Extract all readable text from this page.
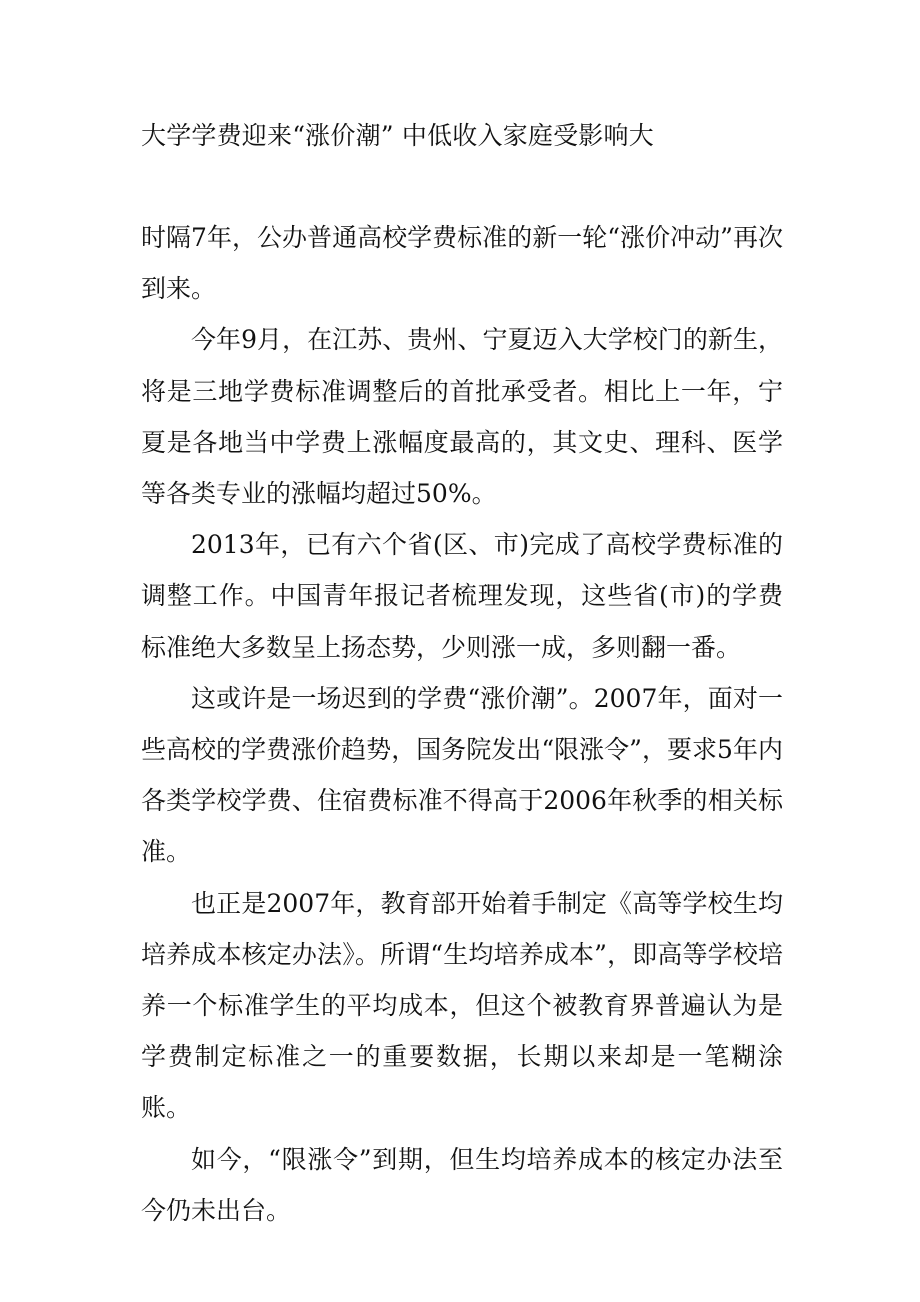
大学学费迎来“涨价潮” 中低收入家庭受影响大

时隔7年，公办普通高校学费标准的新一轮“涨价冲动”再次到来。

今年9月，在江苏、贵州、宁夏迈入大学校门的新生，将是三地学费标准调整后的首批承受者。相比上一年，宁夏是各地当中学费上涨幅度最高的，其文史、理科、医学等各类专业的涨幅均超过50%。

2013年，已有六个省(区、市)完成了高校学费标准的调整工作。中国青年报记者梳理发现，这些省(市)的学费标准绝大多数呈上扬态势，少则涨一成，多则翻一番。

这或许是一场迟到的学费“涨价潮”。2007年，面对一些高校的学费涨价趋势，国务院发出“限涨令”，要求5年内各类学校学费、住宿费标准不得高于2006年秋季的相关标准。

也正是2007年，教育部开始着手制定《高等学校生均培养成本核定办法》。所谓“生均培养成本”，即高等学校培养一个标准学生的平均成本，但这个被教育界普遍认为是学费制定标准之一的重要数据，长期以来却是一笔糊涂账。

如今，“限涨令”到期，但生均培养成本的核定办法至今仍未出台。
